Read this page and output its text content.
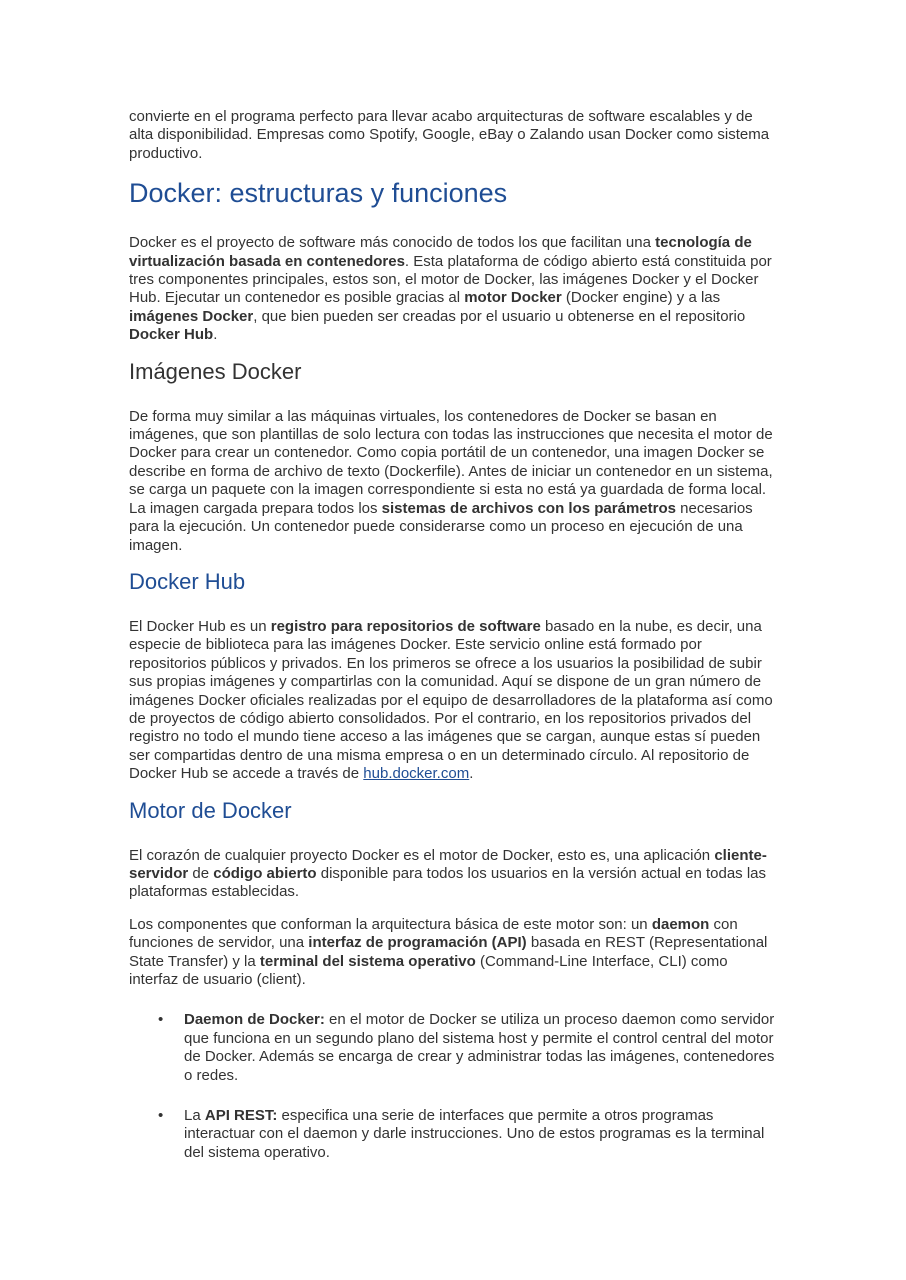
convierte en el programa perfecto para llevar acabo arquitecturas de software escalables y de alta disponibilidad. Empresas como Spotify, Google, eBay o Zalando usan Docker como sistema productivo.

Docker: estructuras y funciones

Docker es el proyecto de software más conocido de todos los que facilitan una tecnología de virtualización basada en contenedores. Esta plataforma de código abierto está constituida por tres componentes principales, estos son, el motor de Docker, las imágenes Docker y el Docker Hub. Ejecutar un contenedor es posible gracias al motor Docker (Docker engine) y a las imágenes Docker, que bien pueden ser creadas por el usuario u obtenerse en el repositorio Docker Hub.

Imágenes Docker

De forma muy similar a las máquinas virtuales, los contenedores de Docker se basan en imágenes, que son plantillas de solo lectura con todas las instrucciones que necesita el motor de Docker para crear un contenedor. Como copia portátil de un contenedor, una imagen Docker se describe en forma de archivo de texto (Dockerfile). Antes de iniciar un contenedor en un sistema, se carga un paquete con la imagen correspondiente si esta no está ya guardada de forma local. La imagen cargada prepara todos los sistemas de archivos con los parámetros necesarios para la ejecución. Un contenedor puede considerarse como un proceso en ejecución de una imagen.

Docker Hub

El Docker Hub es un registro para repositorios de software basado en la nube, es decir, una especie de biblioteca para las imágenes Docker. Este servicio online está formado por repositorios públicos y privados. En los primeros se ofrece a los usuarios la posibilidad de subir sus propias imágenes y compartirlas con la comunidad. Aquí se dispone de un gran número de imágenes Docker oficiales realizadas por el equipo de desarrolladores de la plataforma así como de proyectos de código abierto consolidados. Por el contrario, en los repositorios privados del registro no todo el mundo tiene acceso a las imágenes que se cargan, aunque estas sí pueden ser compartidas dentro de una misma empresa o en un determinado círculo. Al repositorio de Docker Hub se accede a través de hub.docker.com.

Motor de Docker

El corazón de cualquier proyecto Docker es el motor de Docker, esto es, una aplicación cliente-servidor de código abierto disponible para todos los usuarios en la versión actual en todas las plataformas establecidas.

Los componentes que conforman la arquitectura básica de este motor son: un daemon con funciones de servidor, una interfaz de programación (API) basada en REST (Representational State Transfer) y la terminal del sistema operativo (Command-Line Interface, CLI) como interfaz de usuario (client).

• Daemon de Docker: en el motor de Docker se utiliza un proceso daemon como servidor que funciona en un segundo plano del sistema host y permite el control central del motor de Docker. Además se encarga de crear y administrar todas las imágenes, contenedores o redes.
• La API REST: especifica una serie de interfaces que permite a otros programas interactuar con el daemon y darle instrucciones. Uno de estos programas es la terminal del sistema operativo.
